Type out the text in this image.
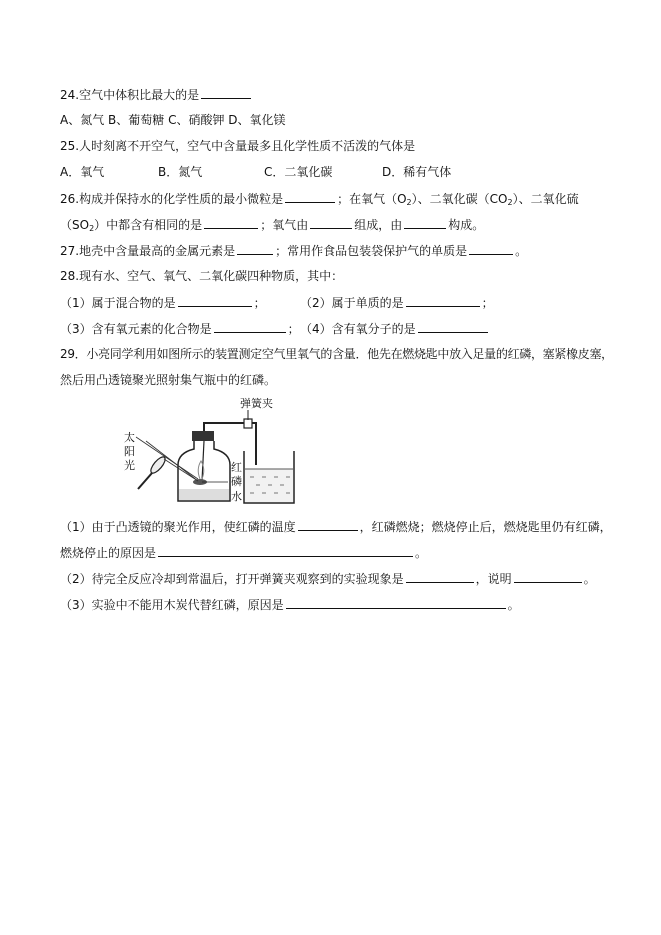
24.空气中体积比最大的是
A、氮气 B、葡萄糖 C、硝酸钾 D、氧化镁
25.人时刻离不开空气，空气中含量最多且化学性质不活泼的气体是
A．氧气	B．氮气	C．二氧化碳	D．稀有气体
26.构成并保持水的化学性质的最小微粒是	；在氧气$(O_2)$、二氧化碳$(CO_2)$、二氧化硫
$(SO_2)$中都含有相同的是	；氧气由	组成，由	构成。
27.地壳中含量最高的金属元素是	；常用作食品包装袋保护气的单质是	。
28.现有水、空气、氧气、二氧化碳四种物质，其中：
（1）属于混合物的是	；	（2）属于单质的是	；
（3）含有氧元素的化合物是	；（4）含有氧分子的是
29．小亮同学利用如图所示的装置测定空气里氧气的含量．他先在燃烧匙中放入足量的红磷，塞紧橡皮塞，
然后用凸透镜聚光照射集气瓶中的红磷。
弹簧夹
太
阳
光	红
磷
水
（1）由于凸透镜的聚光作用，使红磷的温度	，红磷燃烧；燃烧停止后，燃烧匙里仍有红磷，
燃烧停止的原因是	。
（2）待完全反应冷却到常温后，打开弹簧夹观察到的实验现象是	，说明	。
（3）实验中不能用木炭代替红磷，原因是	。
